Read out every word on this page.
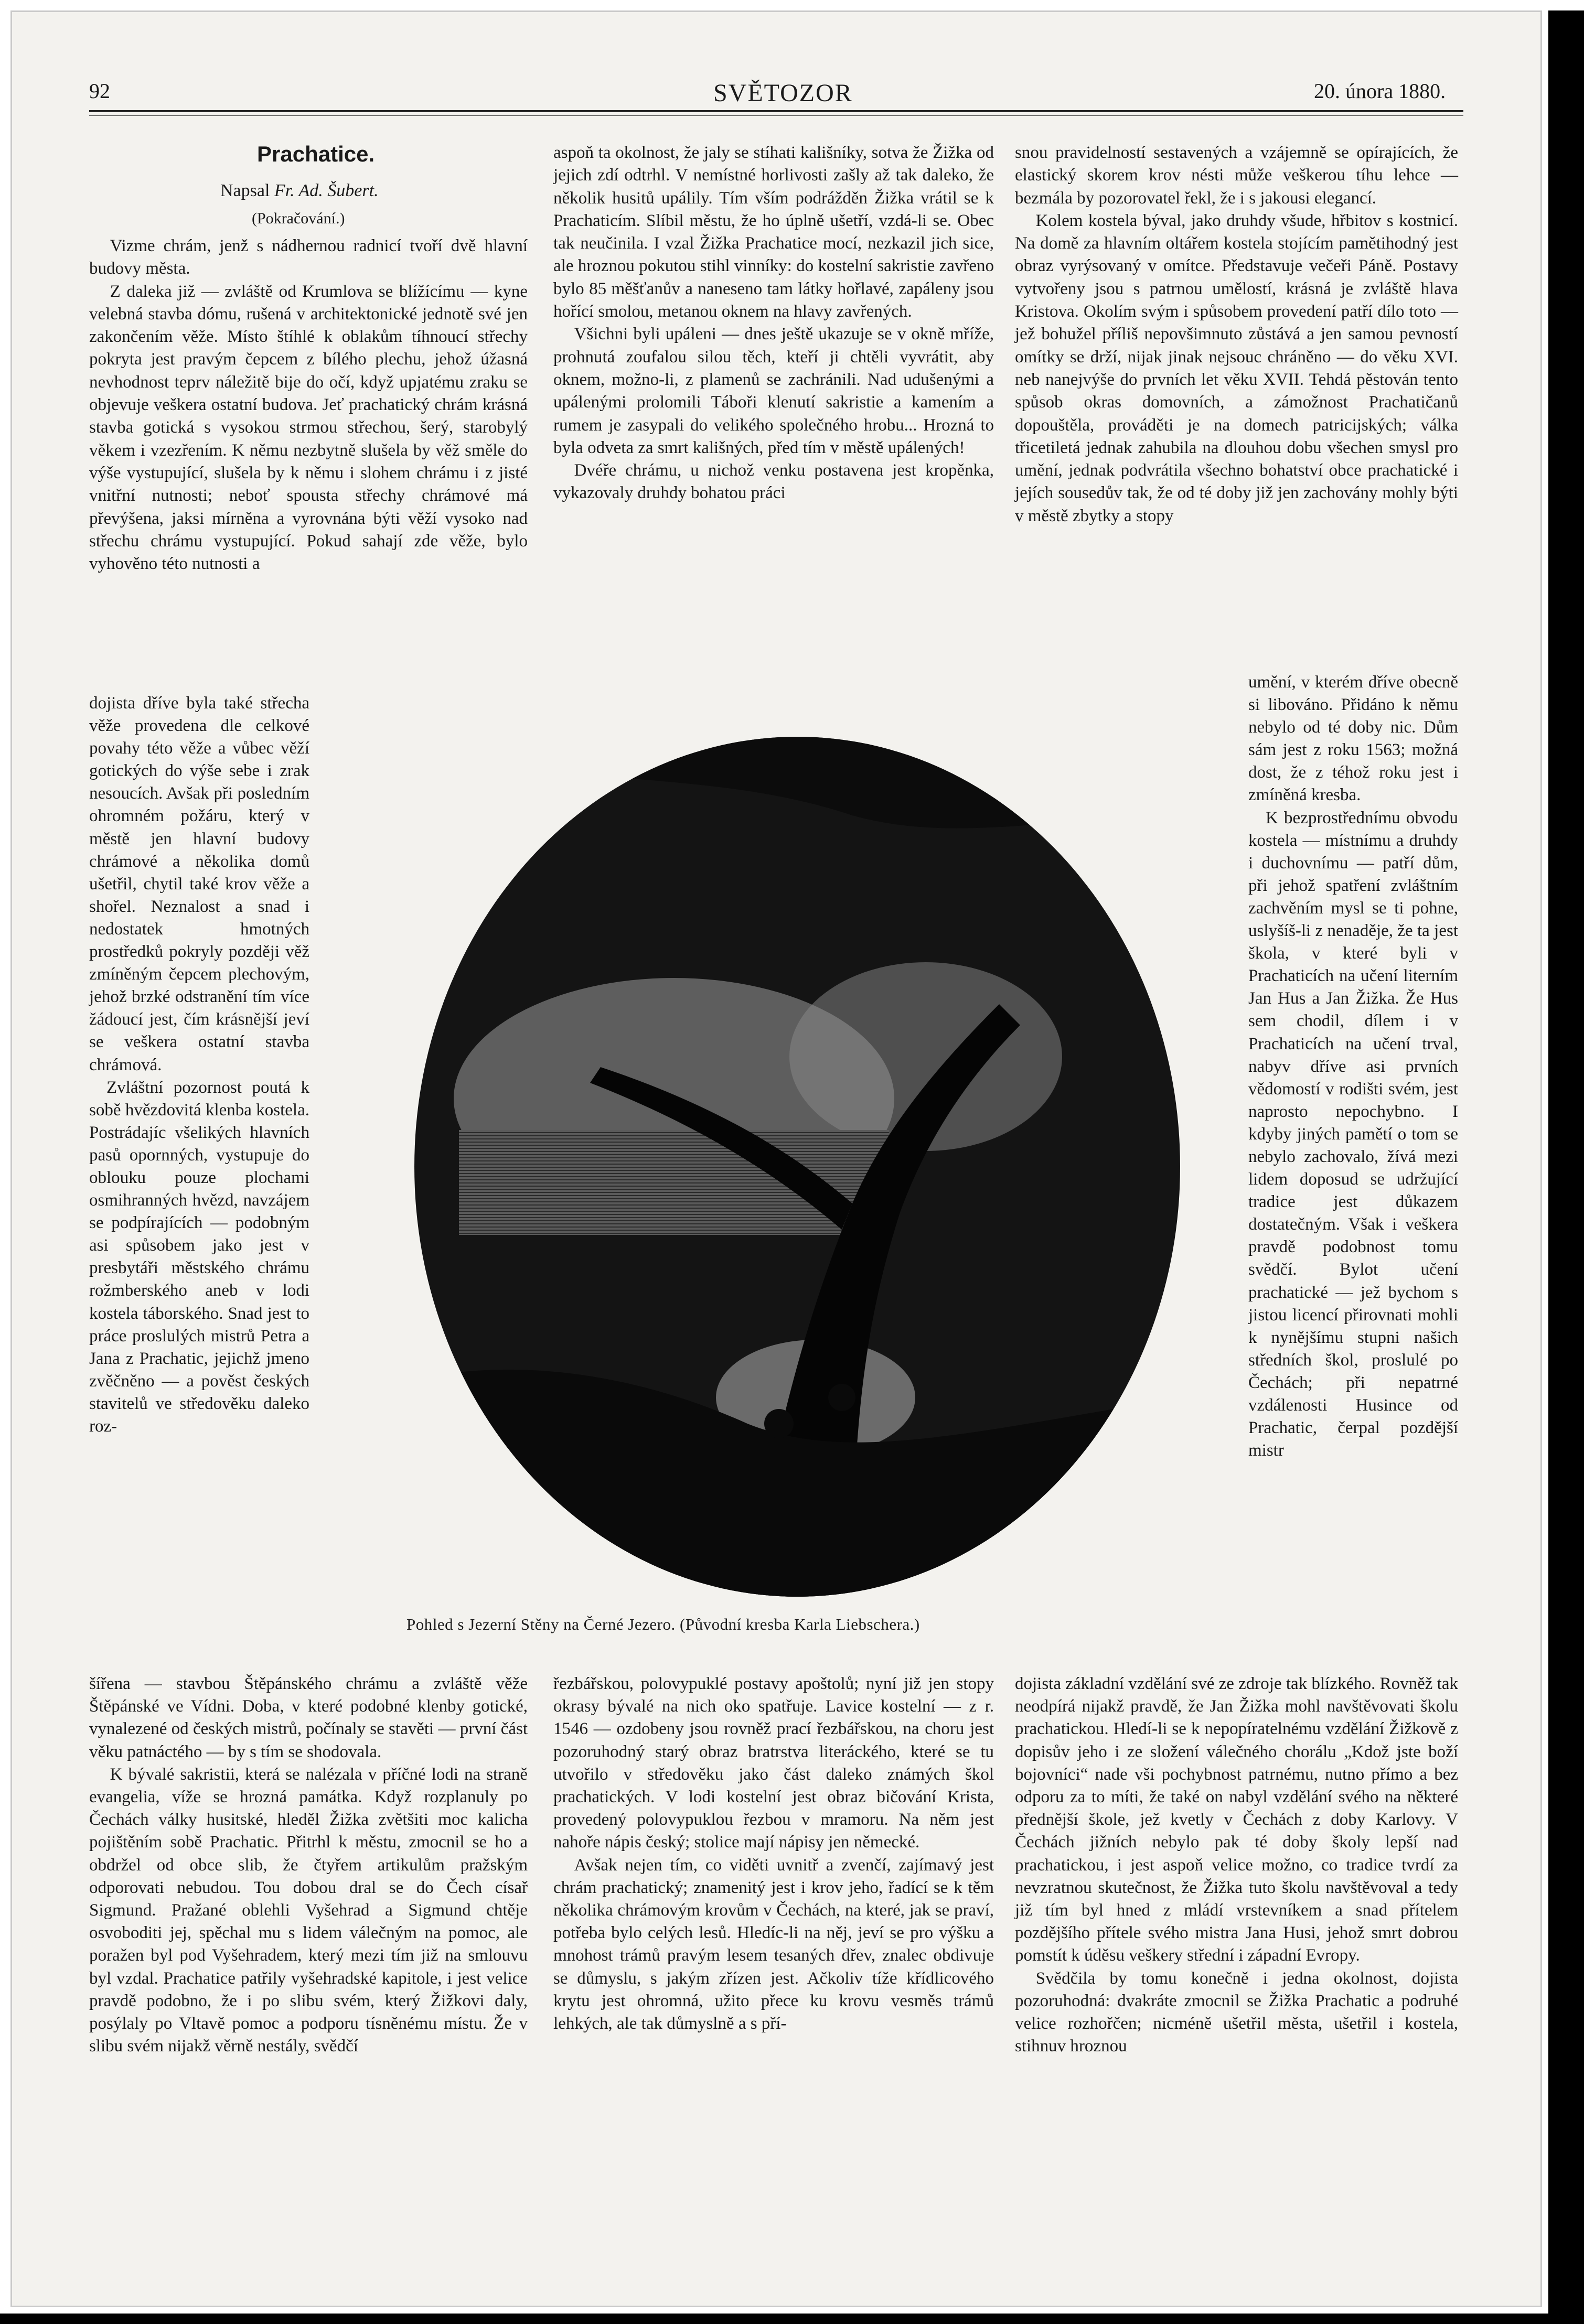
92	SVĚTOZOR	20. února 1880.
Prachatice.
Napsal Fr. Ad. Šubert.
(Pokračování.)

Vizme chrám, jenž s nádhernou radnicí tvoří dvě hlavní budovy města.

Z daleka již — zvláště od Krumlova se blížícímu — kyne velebná stavba dómu, rušená v architektonické jednotě své jen zakončením věže. Místo štíhlé k oblakům tíhnoucí střechy pokryta jest pravým čepcem z bílého plechu, jehož úžasná nevhodnost teprv náležitě bije do očí, když upjatému zraku se objevuje veškera ostatní budova. Jeť prachatický chrám krásná stavba gotická s vysokou strmou střechou, šerý, starobylý věkem i vzezřením. K němu nezbytně slušela by věž směle do výše vystupující, slušela by k němu i slohem chrámu i z jisté vnitřní nutnosti; neboť spousta střechy chrámové má převýšena, jaksi mírněna a vyrovnána býti věží vysoko nad střechu chrámu vystupující. Pokud sahají zde věže, bylo vyhověno této nutnosti a

dojista dříve byla také střecha věže provedena dle celkové povahy této věže a vůbec věží gotických do výše sebe i zrak nesoucích. Avšak při posledním ohromném požáru, který v městě jen hlavní budovy chrámové a několika domů ušetřil, chytil také krov věže a shořel. Neznalost a snad i nedostatek hmotných prostředků pokryly později věž zmíněným čepcem plechovým, jehož brzké odstranění tím více žádoucí jest, čím krásnější jeví se veškera ostatní stavba chrámová.

Zvláštní pozornost poutá k sobě hvězdovitá klenba kostela. Postrádajíc všelikých hlavních pasů opornných, vystupuje do oblouku pouze plochami osmihranných hvězd, navzájem se podpírajících — podobným asi spůsobem jako jest v presbytáři městského chrámu rožmberského aneb v lodi kostela táborského. Snad jest to práce proslulých mistrů Petra a Jana z Prachatic, jejichž jmeno zvěčněno — a pověst českých stavitelů ve středověku daleko roz-

aspoň ta okolnost, že jaly se stíhati kališníky, sotva že Žižka od jejich zdí odtrhl. V nemístné horlivosti zašly až tak daleko, že několik husitů upálily. Tím vším podrážděn Žižka vrátil se k Prachaticím. Slíbil městu, že ho úplně ušetří, vzdá-li se. Obec tak neučinila. I vzal Žižka Prachatice mocí, nezkazil jich sice, ale hroznou pokutou stihl vinníky: do kostelní sakristie zavřeno bylo 85 měšťanův a naneseno tam látky hořlavé, zapáleny jsou hořící smolou, metanou oknem na hlavy zavřených.

Všichni byli upáleni — dnes ještě ukazuje se v okně mříže, prohnutá zoufalou silou těch, kteří ji chtěli vyvrátit, aby oknem, možno-li, z plamenů se zachránili. Nad udušenými a upálenými prolomili Táboři klenutí sakristie a kamením a rumem je zasypali do velikého společného hrobu... Hrozná to byla odveta za smrt kališných, před tím v městě upálených!

Dvéře chrámu, u nichož venku postavena jest kropěnka, vykazovaly druhdy bohatou práci

snou pravidelností sestavených a vzájemně se opírajících, že elastický skorem krov nésti může veškerou tíhu lehce — bezmála by pozorovatel řekl, že i s jakousi elegancí.

Kolem kostela býval, jako druhdy všude, hřbitov s kostnicí. Na domě za hlavním oltářem kostela stojícím pamětihodný jest obraz vyrýsovaný v omítce. Představuje večeři Páně. Postavy vytvořeny jsou s patrnou umělostí, krásná je zvláště hlava Kristova. Okolím svým i spůsobem provedení patří dílo toto — jež bohužel příliš nepovšimnuto zůstává a jen samou pevností omítky se drží, nijak jinak nejsouc chráněno — do věku XVI. neb nanejvýše do prvních let věku XVII. Tehdá pěstován tento spůsob okras domovních, a zámožnost Prachatičanů dopouštěla, prováděti je na domech patricijských; válka třicetiletá jednak zahubila na dlouhou dobu všechen smysl pro umění, jednak podvrátila všechno bohatství obce prachatické i jejích sousedův tak, že od té doby již jen zachovány mohly býti v městě zbytky a stopy

umění, v kterém dříve obecně si libováno. Přidáno k němu nebylo od té doby nic. Dům sám jest z roku 1563; možná dost, že z téhož roku jest i zmíněná kresba.

K bezprostřednímu obvodu kostela — místnímu a druhdy i duchovnímu — patří dům, při jehož spatření zvláštním zachvěním mysl se ti pohne, uslyšíš-li z nenaděje, že ta jest škola, v které byli v Prachaticích na učení literním Jan Hus a Jan Žižka. Že Hus sem chodil, dílem i v Prachaticích na učení trval, nabyv dříve asi prvních vědomostí v rodišti svém, jest naprosto nepochybno. I kdyby jiných pamětí o tom se nebylo zachovalo, žívá mezi lidem doposud se udržující tradice jest důkazem dostatečným. Však i veškera pravdě podobnost tomu svědčí. Bylot učení prachatické — jež bychom s jistou licencí přirovnati mohli k nynějšímu stupni našich středních škol, proslulé po Čechách; při nepatrné vzdálenosti Husince od Prachatic, čerpal pozdější mistr

Pohled s Jezerní Stěny na Černé Jezero. (Původní kresba Karla Liebschera.)

šířena — stavbou Štěpánského chrámu a zvláště věže Štěpánské ve Vídni. Doba, v které podobné klenby gotické, vynalezené od českých mistrů, počínaly se stavěti — první část věku patnáctého — by s tím se shodovala.

K bývalé sakristii, která se nalézala v příčné lodi na straně evangelia, víže se hrozná památka. Když rozplanuly po Čechách války husitské, hleděl Žižka zvětšiti moc kalicha pojištěním sobě Prachatic. Přitrhl k městu, zmocnil se ho a obdržel od obce slib, že čtyřem artikulům pražským odporovati nebudou. Tou dobou dral se do Čech císař Sigmund. Pražané oblehli Vyšehrad a Sigmund chtěje osvoboditi jej, spěchal mu s lidem válečným na pomoc, ale poražen byl pod Vyšehradem, který mezi tím již na smlouvu byl vzdal. Prachatice patřily vyšehradské kapitole, i jest velice pravdě podobno, že i po slibu svém, který Žižkovi daly, posýlaly po Vltavě pomoc a podporu tísněnému místu. Že v slibu svém nijakž věrně nestály, svědčí

řezbářskou, polovypuklé postavy apoštolů; nyní již jen stopy okrasy bývalé na nich oko spatřuje. Lavice kostelní — z r. 1546 — ozdobeny jsou rovněž prací řezbářskou, na choru jest pozoruhodný starý obraz bratrstva literáckého, které se tu utvořilo v středověku jako část daleko známých škol prachatických. V lodi kostelní jest obraz bičování Krista, provedený polovypuklou řezbou v mramoru. Na něm jest nahoře nápis český; stolice mají nápisy jen německé.

Avšak nejen tím, co viděti uvnitř a zvenčí, zajímavý jest chrám prachatický; znamenitý jest i krov jeho, řadící se k těm několika chrámovým krovům v Čechách, na které, jak se praví, potřeba bylo celých lesů. Hledíc-li na něj, jeví se pro výšku a mnohost trámů pravým lesem tesaných dřev, znalec obdivuje se důmyslu, s jakým zřízen jest. Ačkoliv tíže křídlicového krytu jest ohromná, užito přece ku krovu vesměs trámů lehkých, ale tak důmyslně a s pří-

dojista základní vzdělání své ze zdroje tak blízkého. Rovněž tak neodpírá nijakž pravdě, že Jan Žižka mohl navštěvovati školu prachatickou. Hledí-li se k nepopíratelnému vzdělání Žižkově z dopisův jeho i ze složení válečného chorálu „Kdož jste boží bojovníci“ nade vši pochybnost patrnému, nutno přímo a bez odporu za to míti, že také on nabyl vzdělání svého na některé přednější škole, jež kvetly v Čechách z doby Karlovy. V Čechách jižních nebylo pak té doby školy lepší nad prachatickou, i jest aspoň velice možno, co tradice tvrdí za nevzratnou skutečnost, že Žižka tuto školu navštěvoval a tedy již tím byl hned z mládí vrstevníkem a snad přítelem pozdějšího přítele svého mistra Jana Husi, jehož smrt dobrou pomstít k úděsu veškery střední i západní Evropy.

Svědčila by tomu konečně i jedna okolnost, dojista pozoruhodná: dvakráte zmocnil se Žižka Prachatic a podruhé velice rozhořčen; nicméně ušetřil města, ušetřil i kostela, stihnuv hroznou
